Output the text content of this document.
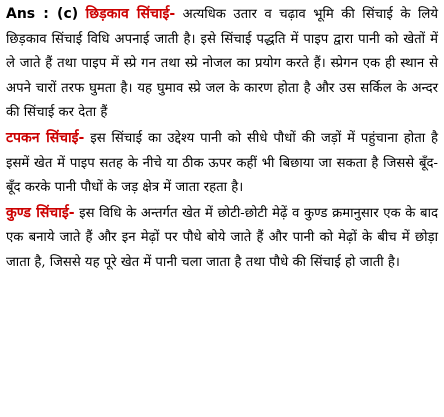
Ans : (c) छिड़काव सिंचाई- अत्यधिक उतार व चढ़ाव भूमि की सिंचाई के लिये छिड़काव सिंचाई विधि अपनाई जाती है। इसे सिंचाई पद्धति में पाइप द्वारा पानी को खेतों में ले जाते हैं तथा पाइप में स्प्रे गन तथा स्प्रे नोजल का प्रयोग करते हैं। स्प्रेगन एक ही स्थान से अपने चारों तरफ घुमता है। यह घुमाव स्प्रे जल के कारण होता है और उस सर्किल के अन्दर की सिंचाई कर देता हैं

टपकन सिंचाई- इस सिंचाई का उद्देश्य पानी को सीधे पौधों की जड़ों में पहुंचाना होता है इसमें खेत में पाइप सतह के नीचे या ठीक ऊपर कहीं भी बिछाया जा सकता है जिससे बूँद-बूँद करके पानी पौधों के जड़ क्षेत्र में जाता रहता है।

कुण्ड सिंचाई- इस विधि के अन्तर्गत खेत में छोटी-छोटी मेढ़ें व कुण्ड क्रमानुसार एक के बाद एक बनाये जाते हैं और इन मेढ़ों पर पौधे बोये जाते हैं और पानी को मेढ़ों के बीच में छोड़ा जाता है, जिससे यह पूरे खेत में पानी चला जाता है तथा पौधे की सिंचाई हो जाती है।
